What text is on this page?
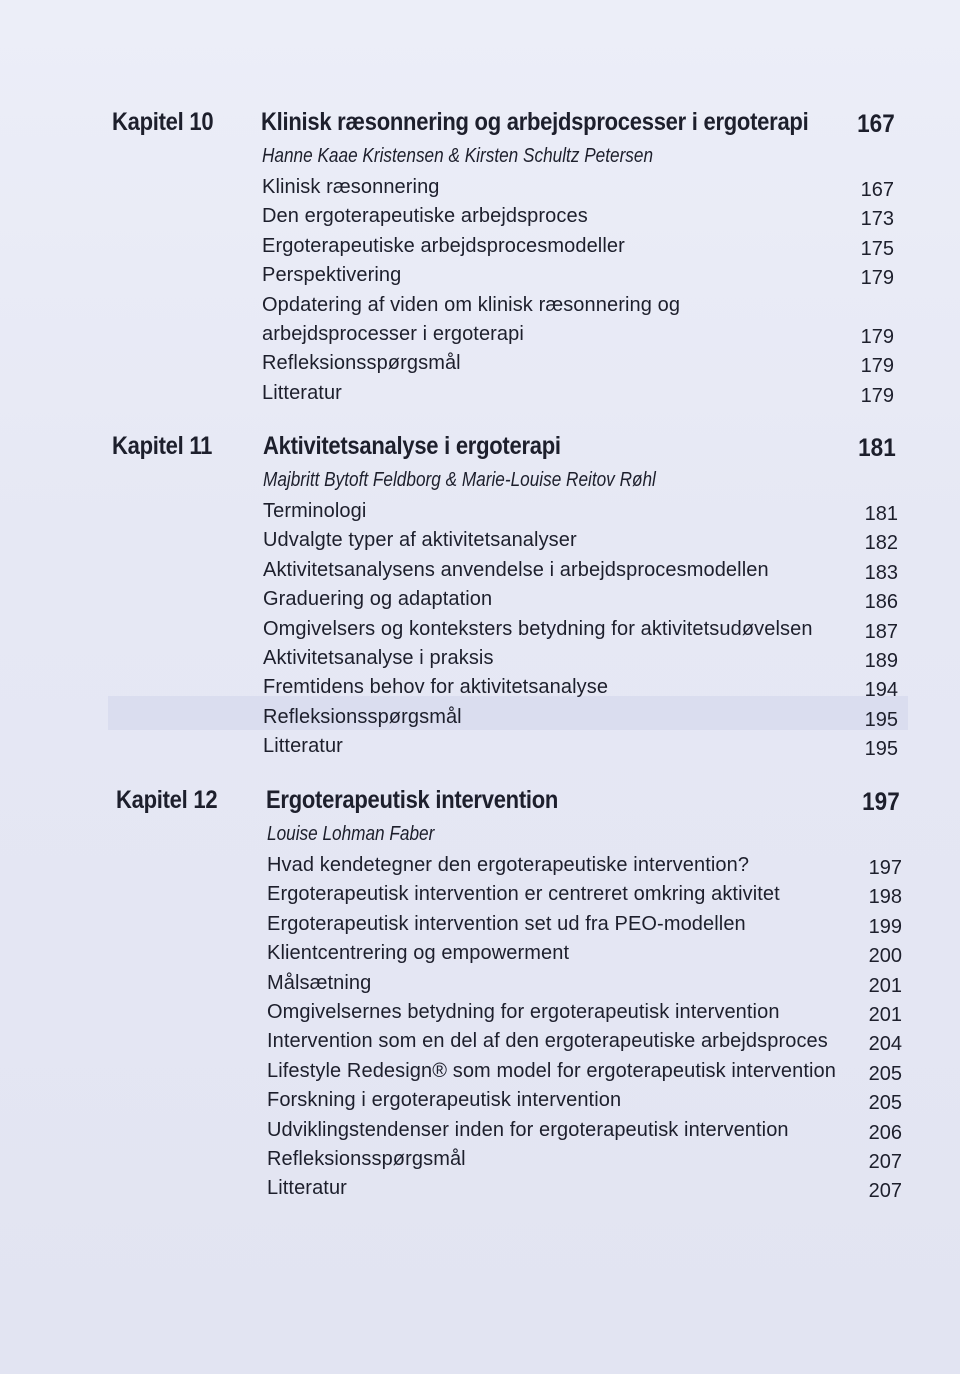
Kapitel 10 Klinisk ræsonnering og arbejdsprocesser i ergoterapi 167
Hanne Kaae Kristensen & Kirsten Schultz Petersen
Klinisk ræsonnering	167
Den ergoterapeutiske arbejdsproces	173
Ergoterapeutiske arbejdsprocesmodeller	175
Perspektivering	179
Opdatering af viden om klinisk ræsonnering og
arbejdsprocesser i ergoterapi	179
Refleksionsspørgsmål	179
Litteratur	179
Kapitel 11 Aktivitetsanalyse i ergoterapi	181
Majbritt Bytoft Feldborg & Marie-Louise Reitov Røhl
Terminologi	181
Udvalgte typer af aktivitetsanalyser	182
Aktivitetsanalysens anvendelse i arbejdsprocesmodellen	183
Graduering og adaptation	186
Omgivelsers og konteksters betydning for aktivitetsudøvelsen	187
Aktivitetsanalyse i praksis	189
Fremtidens behov for aktivitetsanalyse	194
Refleksionsspørgsmål	195
Litteratur	195
Kapitel 12 Ergoterapeutisk intervention	197
Louise Lohman Faber
Hvad kendetegner den ergoterapeutiske intervention?	197
Ergoterapeutisk intervention er centreret omkring aktivitet	198
Ergoterapeutisk intervention set ud fra PEO-modellen	199
Klientcentrering og empowerment	200
Målsætning	201
Omgivelsernes betydning for ergoterapeutisk intervention	201
Intervention som en del af den ergoterapeutiske arbejdsproces 204
Lifestyle Redesign® som model for ergoterapeutisk intervention 205
Forskning i ergoterapeutisk intervention	205
Udviklingstendenser inden for ergoterapeutisk intervention	206
Refleksionsspørgsmål	207
Litteratur	207
